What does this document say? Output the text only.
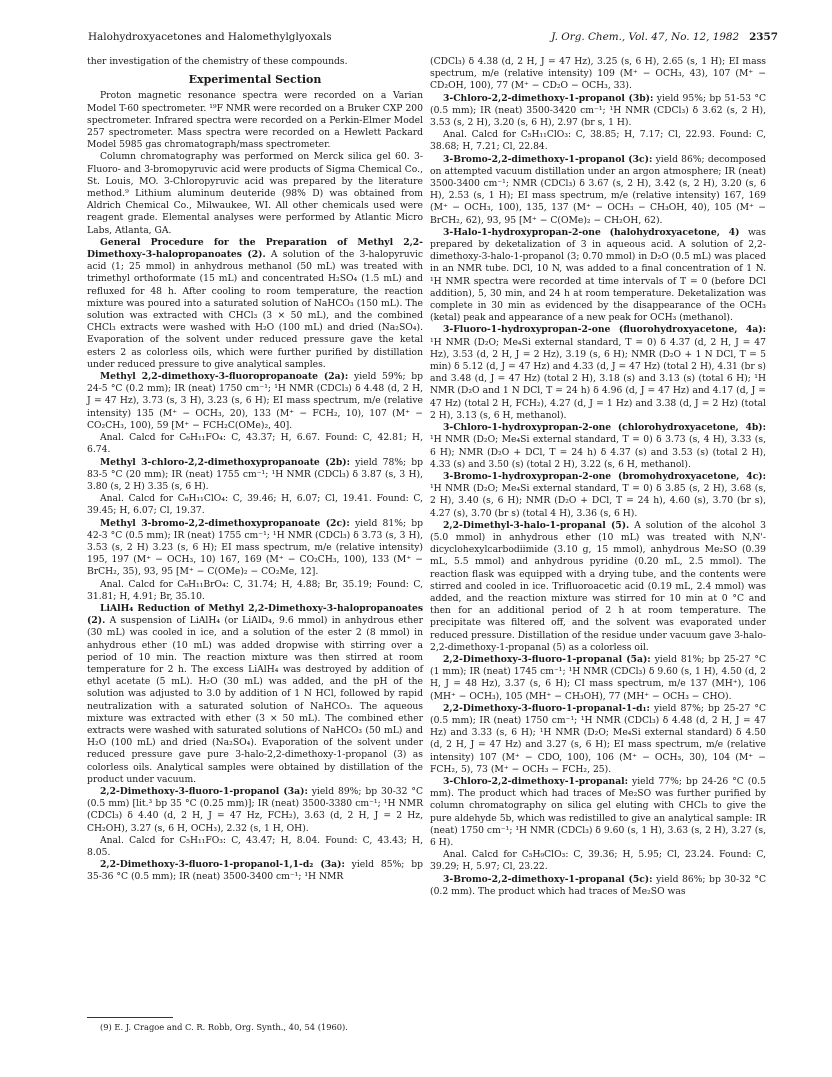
Halohydroxyacetones and Halomethylglyoxals	J. Org. Chem., Vol. 47, No. 12, 1982 2357

ther investigation of the chemistry of these compounds.

Experimental Section

Proton magnetic resonance spectra were recorded on a Varian Model T-60 spectrometer. ¹⁹F NMR were recorded on a Bruker CXP 200 spectrometer. Infrared spectra were recorded on a Perkin-Elmer Model 257 spectrometer. Mass spectra were recorded on a Hewlett Packard Model 5985 gas chromatograph/mass spectrometer.

Column chromatography was performed on Merck silica gel 60. 3-Fluoro- and 3-bromopyruvic acid were products of Sigma Chemical Co., St. Louis, MO. 3-Chloropyruvic acid was prepared by the literature method.⁹ Lithium aluminum deuteride (98% D) was obtained from Aldrich Chemical Co., Milwaukee, WI. All other chemicals used were reagent grade. Elemental analyses were performed by Atlantic Micro Labs, Atlanta, GA.

General Procedure for the Preparation of Methyl 2,2-Dimethoxy-3-halopropanoates (2). A solution of the 3-halopyruvic acid (1; 25 mmol) in anhydrous methanol (50 mL) was treated with trimethyl orthoformate (15 mL) and concentrated H₂SO₄ (1.5 mL) and refluxed for 48 h. After cooling to room temperature, the reaction mixture was poured into a saturated solution of NaHCO₃ (150 mL). The solution was extracted with CHCl₃ (3 × 50 mL), and the combined CHCl₃ extracts were washed with H₂O (100 mL) and dried (Na₂SO₄). Evaporation of the solvent under reduced pressure gave the ketal esters 2 as colorless oils, which were further purified by distillation under reduced pressure to give analytical samples.

Methyl 2,2-dimethoxy-3-fluoropropanoate (2a): yield 59%; bp 24-5 °C (0.2 mm); IR (neat) 1750 cm⁻¹; ¹H NMR (CDCl₃) δ 4.48 (d, 2 H, J = 47 Hz), 3.73 (s, 3 H), 3.23 (s, 6 H); EI mass spectrum, m/e (relative intensity) 135 (M⁺ − OCH₃, 20), 133 (M⁺ − FCH₂, 10), 107 (M⁺ − CO₂CH₃, 100), 59 [M⁺ − FCH₂C(OMe)₂, 40].

Anal. Calcd for C₆H₁₁FO₄: C, 43.37; H, 6.67. Found: C, 42.81; H, 6.74.

Methyl 3-chloro-2,2-dimethoxypropanoate (2b): yield 78%; bp 83-5 °C (20 mm); IR (neat) 1755 cm⁻¹; ¹H NMR (CDCl₃) δ 3.87 (s, 3 H), 3.80 (s, 2 H) 3.35 (s, 6 H).

Anal. Calcd for C₆H₁₁ClO₄: C, 39.46; H, 6.07; Cl, 19.41. Found: C, 39.45; H, 6.07; Cl, 19.37.

Methyl 3-bromo-2,2-dimethoxypropanoate (2c): yield 81%; bp 42-3 °C (0.5 mm); IR (neat) 1755 cm⁻¹; ¹H NMR (CDCl₃) δ 3.73 (s, 3 H), 3.53 (s, 2 H) 3.23 (s, 6 H); EI mass spectrum, m/e (relative intensity) 195, 197 (M⁺ − OCH₃, 10) 167, 169 (M⁺ − CO₂CH₃, 100), 133 (M⁺ − BrCH₂, 35), 93, 95 [M⁺ − C(OMe)₂ − CO₂Me, 12].

Anal. Calcd for C₆H₁₁BrO₄: C, 31.74; H, 4.88; Br, 35.19; Found: C, 31.81; H, 4.91; Br, 35.10.

LiAlH₄ Reduction of Methyl 2,2-Dimethoxy-3-halopropanoates (2). A suspension of LiAlH₄ (or LiAlD₄, 9.6 mmol) in anhydrous ether (30 mL) was cooled in ice, and a solution of the ester 2 (8 mmol) in anhydrous ether (10 mL) was added dropwise with stirring over a period of 10 min. The reaction mixture was then stirred at room temperature for 2 h. The excess LiAlH₄ was destroyed by addition of ethyl acetate (5 mL). H₂O (30 mL) was added, and the pH of the solution was adjusted to 3.0 by addition of 1 N HCl, followed by rapid neutralization with a saturated solution of NaHCO₃. The aqueous mixture was extracted with ether (3 × 50 mL). The combined ether extracts were washed with saturated solutions of NaHCO₃ (50 mL) and H₂O (100 mL) and dried (Na₂SO₄). Evaporation of the solvent under reduced pressure gave pure 3-halo-2,2-dimethoxy-1-propanol (3) as colorless oils. Analytical samples were obtained by distillation of the product under vacuum.

2,2-Dimethoxy-3-fluoro-1-propanol (3a): yield 89%; bp 30-32 °C (0.5 mm) [lit.³ bp 35 °C (0.25 mm)]; IR (neat) 3500-3380 cm⁻¹; ¹H NMR (CDCl₃) δ 4.40 (d, 2 H, J = 47 Hz, FCH₂), 3.63 (d, 2 H, J = 2 Hz, CH₂OH), 3.27 (s, 6 H, OCH₃), 2.32 (s, 1 H, OH).

Anal. Calcd for C₅H₁₁FO₃: C, 43.47; H, 8.04. Found: C, 43.43; H, 8.05.

2,2-Dimethoxy-3-fluoro-1-propanol-1,1-d₂ (3a): yield 85%; bp 35-36 °C (0.5 mm); IR (neat) 3500-3400 cm⁻¹; ¹H NMR

(CDCl₃) δ 4.38 (d, 2 H, J = 47 Hz), 3.25 (s, 6 H), 2.65 (s, 1 H); EI mass spectrum, m/e (relative intensity) 109 (M⁺ − OCH₃, 43), 107 (M⁺ − CD₂OH, 100), 77 (M⁺ − CD₂O − OCH₃, 33).

3-Chloro-2,2-dimethoxy-1-propanol (3b): yield 95%; bp 51-53 °C (0.5 mm); IR (neat) 3500-3420 cm⁻¹; ¹H NMR (CDCl₃) δ 3.62 (s, 2 H), 3.53 (s, 2 H), 3.20 (s, 6 H), 2.97 (br s, 1 H).

Anal. Calcd for C₅H₁₁ClO₃: C, 38.85; H, 7.17; Cl, 22.93. Found: C, 38.68; H, 7.21; Cl, 22.84.

3-Bromo-2,2-dimethoxy-1-propanol (3c): yield 86%; decomposed on attempted vacuum distillation under an argon atmosphere; IR (neat) 3500-3400 cm⁻¹; NMR (CDCl₃) δ 3.67 (s, 2 H), 3.42 (s, 2 H), 3.20 (s, 6 H), 2.53 (s, 1 H); EI mass spectrum, m/e (relative intensity) 167, 169 (M⁺ − OCH₃, 100), 135, 137 (M⁺ − OCH₃ − CH₃OH, 40), 105 (M⁺ − BrCH₂, 62), 93, 95 [M⁺ − C(OMe)₂ − CH₂OH, 62).

3-Halo-1-hydroxypropan-2-one (halohydroxyacetone, 4) was prepared by deketalization of 3 in aqueous acid. A solution of 2,2-dimethoxy-3-halo-1-propanol (3; 0.70 mmol) in D₂O (0.5 mL) was placed in an NMR tube. DCl, 10 N, was added to a final concentration of 1 N. ¹H NMR spectra were recorded at time intervals of T = 0 (before DCl addition), 5, 30 min, and 24 h at room temperature. Deketalization was complete in 30 min as evidenced by the disappearance of the OCH₃ (ketal) peak and appearance of a new peak for OCH₃ (methanol).

3-Fluoro-1-hydroxypropan-2-one (fluorohydroxyacetone, 4a): ¹H NMR (D₂O; Me₄Si external standard, T = 0) δ 4.37 (d, 2 H, J = 47 Hz), 3.53 (d, 2 H, J = 2 Hz), 3.19 (s, 6 H); NMR (D₂O + 1 N DCl, T = 5 min) δ 5.12 (d, J = 47 Hz) and 4.33 (d, J = 47 Hz) (total 2 H), 4.31 (br s) and 3.48 (d, J = 47 Hz) (total 2 H), 3.18 (s) and 3.13 (s) (total 6 H); ¹H NMR (D₂O and 1 N DCl, T = 24 h) δ 4.96 (d, J = 47 Hz) and 4.17 (d, J = 47 Hz) (total 2 H, FCH₂), 4.27 (d, J = 1 Hz) and 3.38 (d, J = 2 Hz) (total 2 H), 3.13 (s, 6 H, methanol).

3-Chloro-1-hydroxypropan-2-one (chlorohydroxyacetone, 4b): ¹H NMR (D₂O; Me₄Si external standard, T = 0) δ 3.73 (s, 4 H), 3.33 (s, 6 H); NMR (D₂O + DCl, T = 24 h) δ 4.37 (s) and 3.53 (s) (total 2 H), 4.33 (s) and 3.50 (s) (total 2 H), 3.22 (s, 6 H, methanol).

3-Bromo-1-hydroxypropan-2-one (bromohydroxyacetone, 4c): ¹H NMR (D₂O; Me₄Si external standard, T = 0) δ 3.85 (s, 2 H), 3.68 (s, 2 H), 3.40 (s, 6 H); NMR (D₂O + DCl, T = 24 h), 4.60 (s), 3.70 (br s), 4.27 (s), 3.70 (br s) (total 4 H), 3.36 (s, 6 H).

2,2-Dimethyl-3-halo-1-propanal (5). A solution of the alcohol 3 (5.0 mmol) in anhydrous ether (10 mL) was treated with N,N'-dicyclohexylcarbodiimide (3.10 g, 15 mmol), anhydrous Me₂SO (0.39 mL, 5.5 mmol) and anhydrous pyridine (0.20 mL, 2.5 mmol). The reaction flask was equipped with a drying tube, and the contents were stirred and cooled in ice. Trifluoroacetic acid (0.19 mL, 2.4 mmol) was added, and the reaction mixture was stirred for 10 min at 0 °C and then for an additional period of 2 h at room temperature. The precipitate was filtered off, and the solvent was evaporated under reduced pressure. Distillation of the residue under vacuum gave 3-halo-2,2-dimethoxy-1-propanal (5) as a colorless oil.

2,2-Dimethoxy-3-fluoro-1-propanal (5a): yield 81%; bp 25-27 °C (1 mm); IR (neat) 1745 cm⁻¹; ¹H NMR (CDCl₃) δ 9.60 (s, 1 H), 4.50 (d, 2 H, J = 48 Hz), 3.37 (s, 6 H); CI mass spectrum, m/e 137 (MH⁺), 106 (MH⁺ − OCH₃), 105 (MH⁺ − CH₃OH), 77 (MH⁺ − OCH₃ − CHO).

2,2-Dimethoxy-3-fluoro-1-propanal-1-d₁: yield 87%; bp 25-27 °C (0.5 mm); IR (neat) 1750 cm⁻¹; ¹H NMR (CDCl₃) δ 4.48 (d, 2 H, J = 47 Hz) and 3.33 (s, 6 H); ¹H NMR (D₂O; Me₄Si external standard) δ 4.50 (d, 2 H, J = 47 Hz) and 3.27 (s, 6 H); EI mass spectrum, m/e (relative intensity) 107 (M⁺ − CDO, 100), 106 (M⁺ − OCH₃, 30), 104 (M⁺ − FCH₂, 5), 73 (M⁺ − OCH₃ − FCH₂, 25).

3-Chloro-2,2-dimethoxy-1-propanal: yield 77%; bp 24-26 °C (0.5 mm). The product which had traces of Me₂SO was further purified by column chromatography on silica gel eluting with CHCl₃ to give the pure aldehyde 5b, which was redistilled to give an analytical sample: IR (neat) 1750 cm⁻¹; ¹H NMR (CDCl₃) δ 9.60 (s, 1 H), 3.63 (s, 2 H), 3.27 (s, 6 H).

Anal. Calcd for C₅H₉ClO₃: C, 39.36; H, 5.95; Cl, 23.24. Found: C, 39.29; H, 5.97; Cl, 23.22.

3-Bromo-2,2-dimethoxy-1-propanal (5c): yield 86%; bp 30-32 °C (0.2 mm). The product which had traces of Me₂SO was

(9) E. J. Cragoe and C. R. Robb, Org. Synth., 40, 54 (1960).
